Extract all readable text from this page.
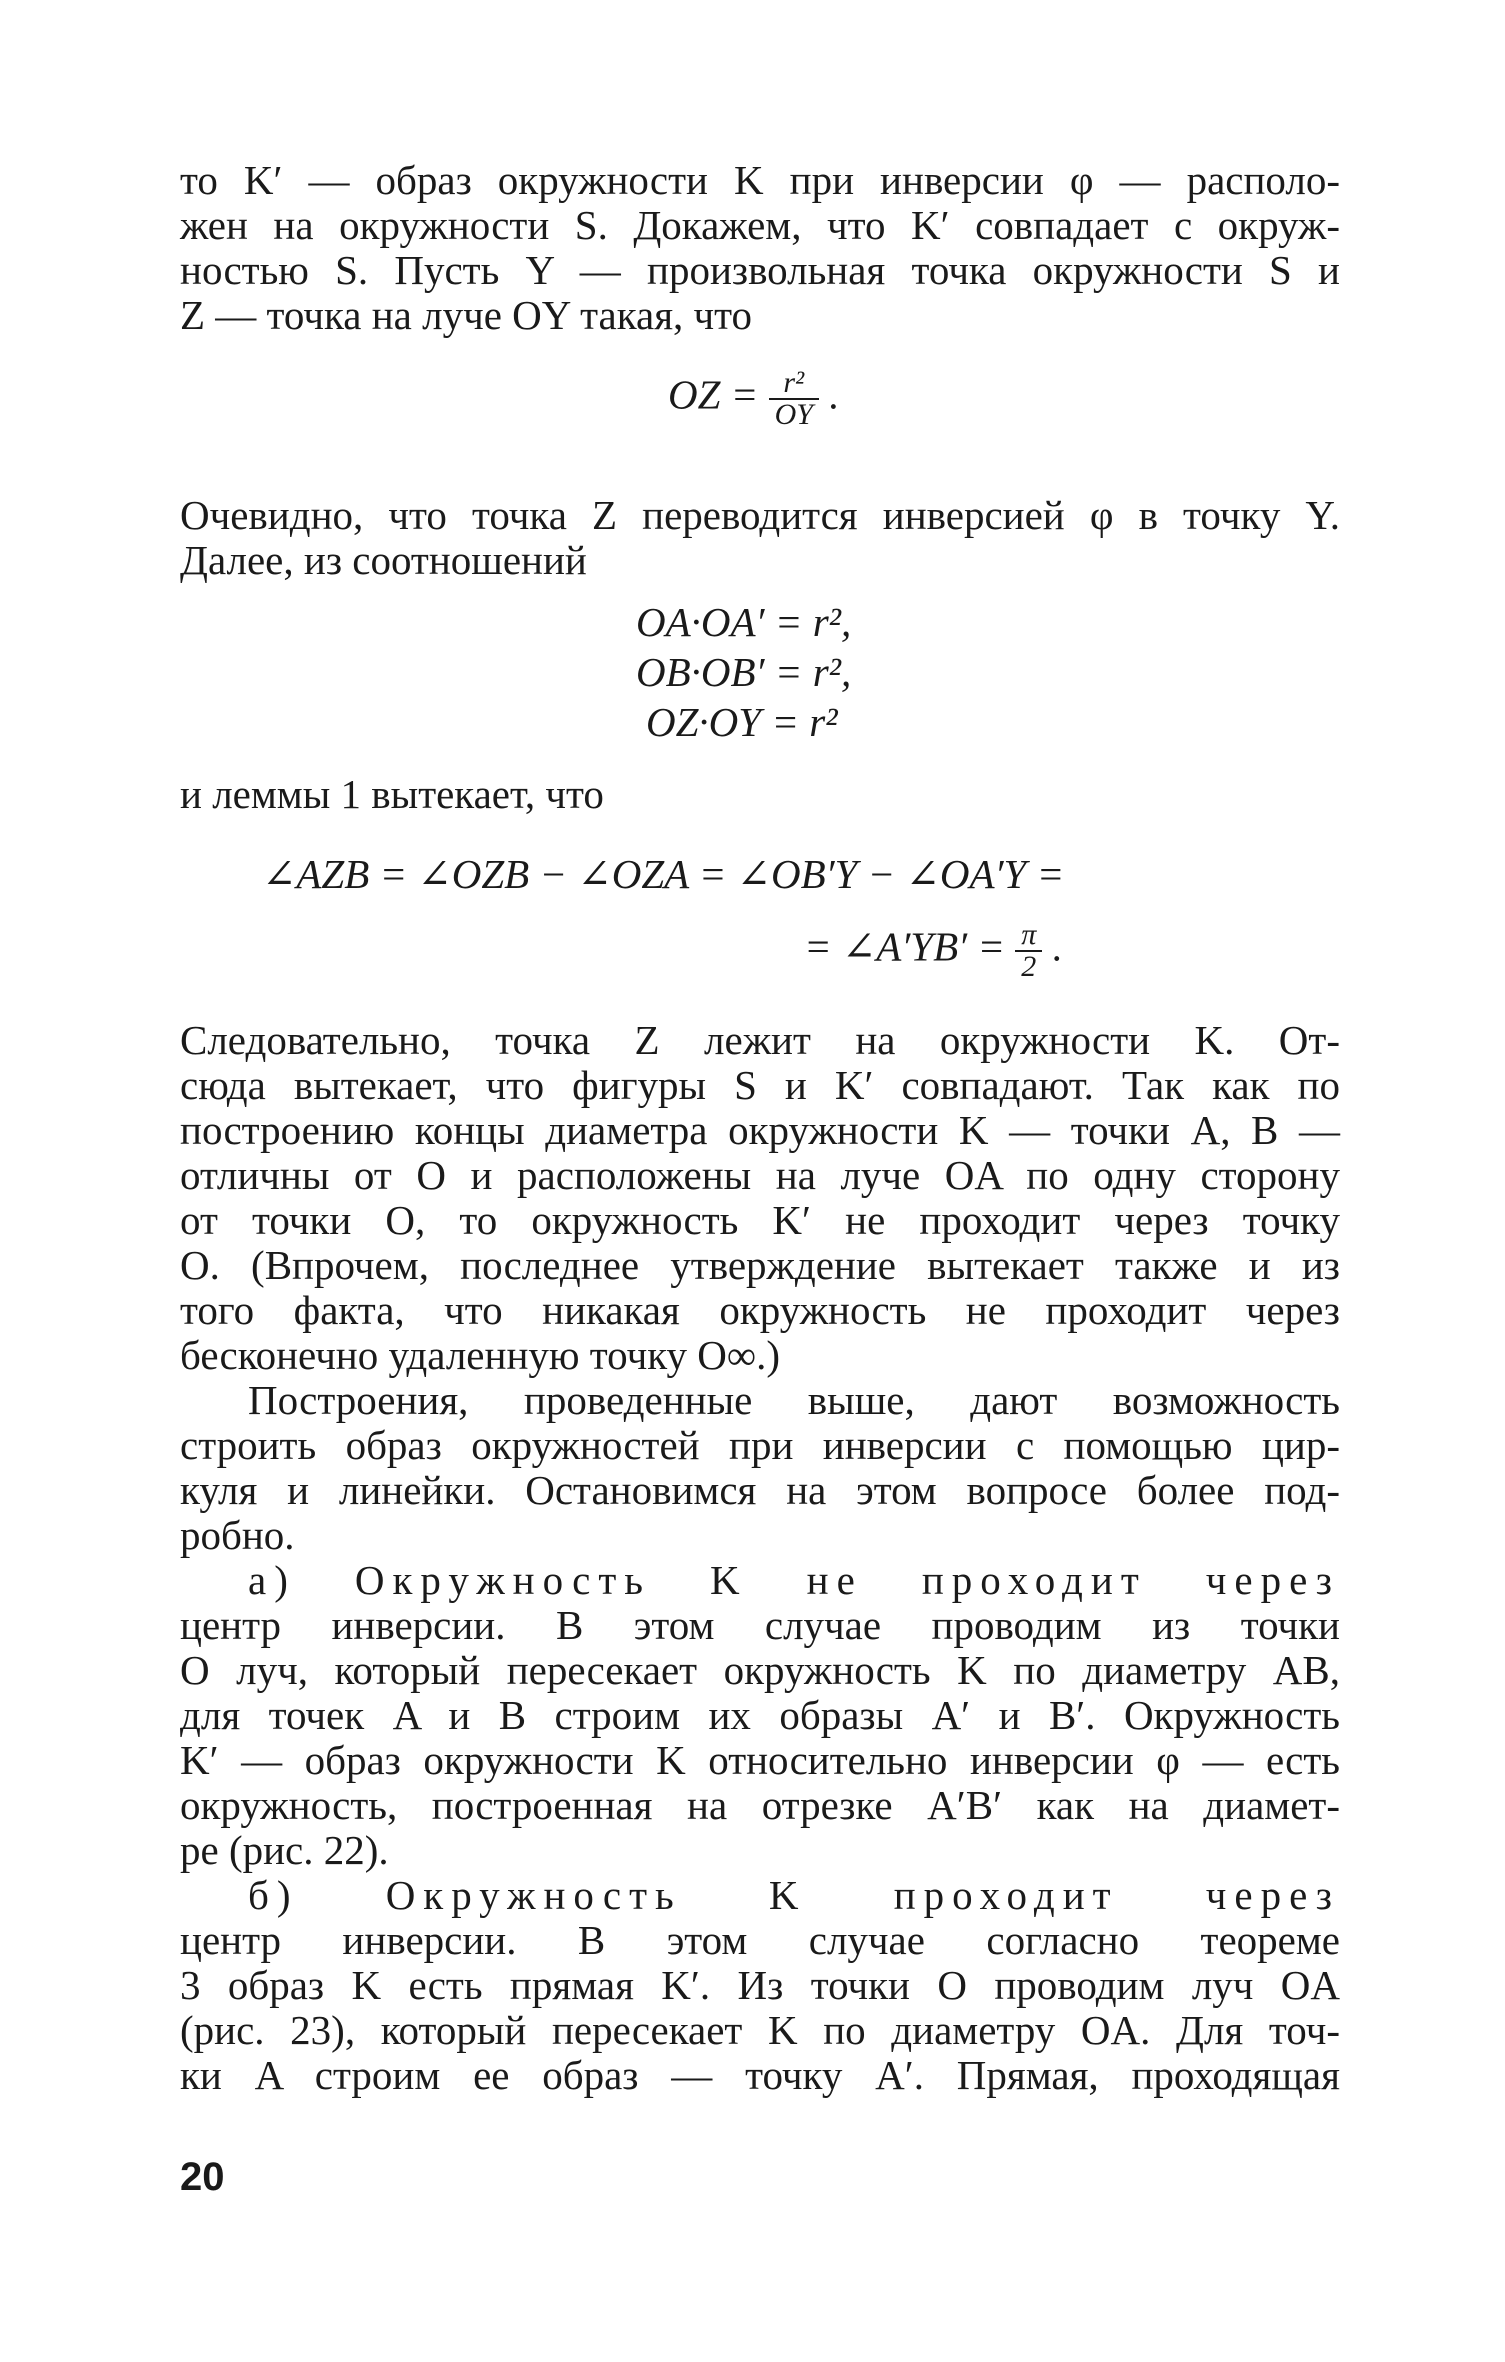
то K′ — образ окружности K при инверсии φ — располо-
жен на окружности S. Докажем, что K′ совпадает с окруж-
ностью S. Пусть Y — произвольная точка окружности S и
Z — точка на луче OY такая, что

OZ = $\frac{\text{r²}}{OY}$ .

Очевидно, что точка Z переводится инверсией φ в точку Y.
Далее, из соотношений

OA·OA′ = r²,
OB·OB′ = r²,
OZ·OY = r²

и леммы 1 вытекает, что

∠AZB = ∠OZB − ∠OZA = ∠OB′Y − ∠OA′Y =
= ∠A′YB′ = $\frac{\pi}{2}$ .

Следовательно, точка Z лежит на окружности K. От-
сюда вытекает, что фигуры S и K′ совпадают. Так как по
построению концы диаметра окружности K — точки A, B —
отличны от O и расположены на луче OA по одну сторону
от точки O, то окружность K′ не проходит через точку
O. (Впрочем, последнее утверждение вытекает также и из
того факта, что никакая окружность не проходит через
бесконечно удаленную точку O∞.)

Построения, проведенные выше, дают возможность
строить образ окружностей при инверсии с помощью цир-
куля и линейки. Остановимся на этом вопросе более под-
робно.

а) Окружность K не проходит через
центр инверсии. В этом случае проводим из точки
O луч, который пересекает окружность K по диаметру AB,
для точек A и B строим их образы A′ и B′. Окружность
K′ — образ окружности K относительно инверсии φ — есть
окружность, построенная на отрезке A′B′ как на диамет-
ре (рис. 22).

б) Окружность K проходит через
центр инверсии. В этом случае согласно теореме
3 образ K есть прямая K′. Из точки O проводим луч OA
(рис. 23), который пересекает K по диаметру OA. Для точ-
ки A строим ее образ — точку A′. Прямая, проходящая

20
